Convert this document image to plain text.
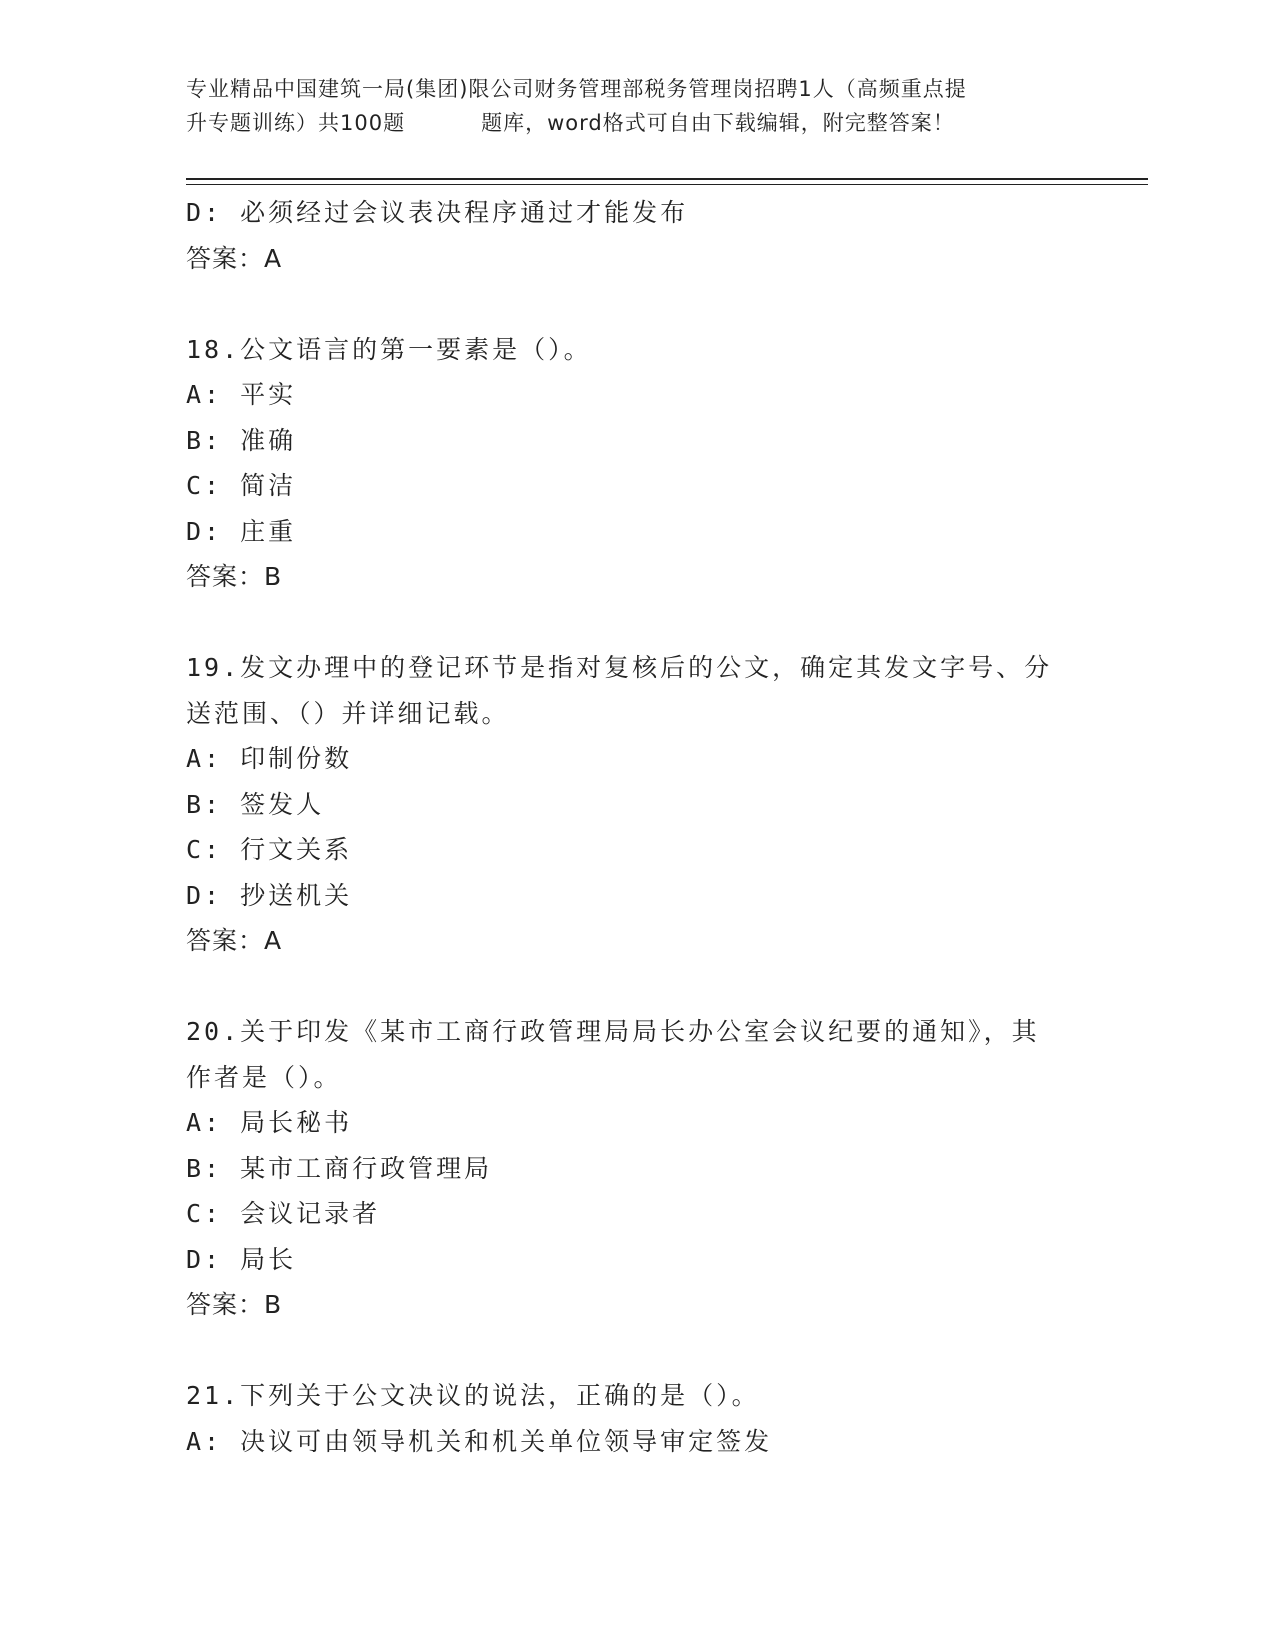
专业精品中国建筑一局(集团)限公司财务管理部税务管理岗招聘1人（高频重点提
升专题训练）共100题	题库，word格式可自由下载编辑，附完整答案！
D: 必须经过会议表决程序通过才能发布
答案：A
18.公文语言的第一要素是（）。
A: 平实
B: 准确
C: 简洁
D: 庄重
答案：B
19.发文办理中的登记环节是指对复核后的公文，确定其发文字号、分
送范围、（）并详细记载。
A: 印制份数
B: 签发人
C: 行文关系
D: 抄送机关
答案：A
20.关于印发《某市工商行政管理局局长办公室会议纪要的通知》，其
作者是（）。
A: 局长秘书
B: 某市工商行政管理局
C: 会议记录者
D: 局长
答案：B
21.下列关于公文决议的说法，正确的是（）。
A: 决议可由领导机关和机关单位领导审定签发
